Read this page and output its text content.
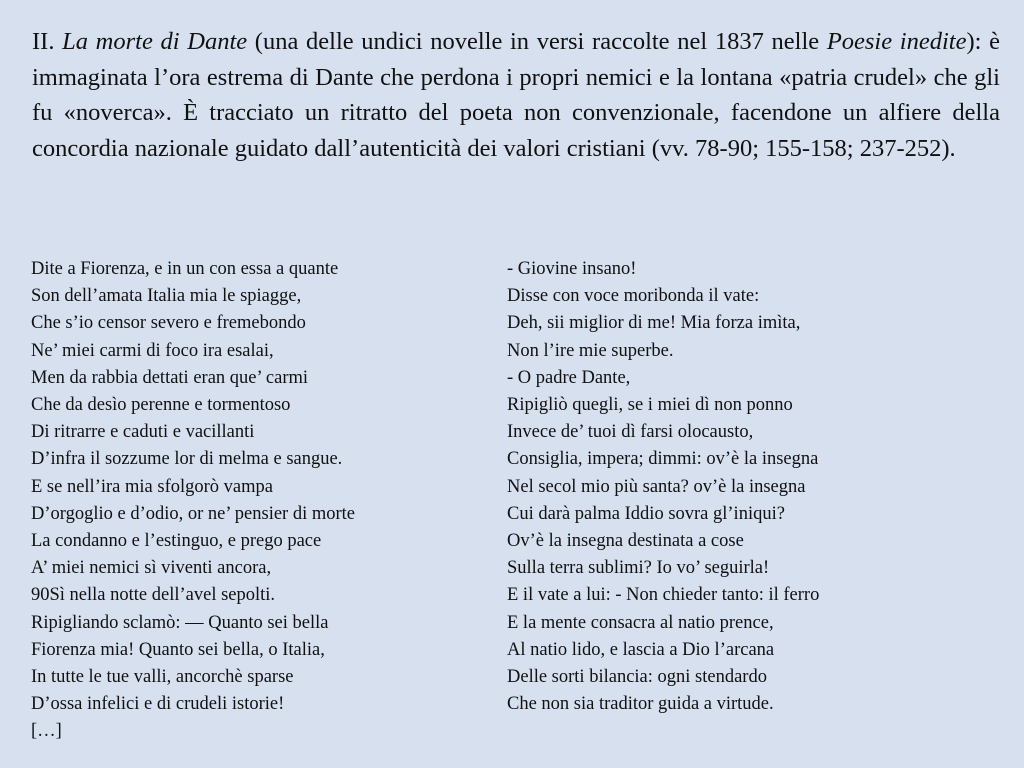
II. La morte di Dante (una delle undici novelle in versi raccolte nel 1837 nelle Poesie inedite): è immaginata l’ora estrema di Dante che perdona i propri nemici e la lontana «patria crudel» che gli fu «noverca». È tracciato un ritratto del poeta non convenzionale, facendone un alfiere della concordia nazionale guidato dall’autenticità dei valori cristiani (vv. 78-90; 155-158; 237-252).

Dite a Fiorenza, e in un con essa a quante
Son dell’amata Italia mia le spiagge,
Che s’io censor severo e fremebondo
Ne’ miei carmi di foco ira esalai,
Men da rabbia dettati eran que’ carmi
Che da desìo perenne e tormentoso
Di ritrarre e caduti e vacillanti
D’infra il sozzume lor di melma e sangue.
E se nell’ira mia sfolgorò vampa
D’orgoglio e d’odio, or ne’ pensier di morte
La condanno e l’estinguo, e prego pace
A’ miei nemici sì viventi ancora,
90Sì nella notte dell’avel sepolti.
Ripigliando sclamò: — Quanto sei bella
Fiorenza mia! Quanto sei bella, o Italia,
In tutte le tue valli, ancorchè sparse
D’ossa infelici e di crudeli istorie!
[…]
- Giovine insano!
Disse con voce moribonda il vate:
Deh, sii miglior di me! Mia forza imìta,
Non l’ire mie superbe.
- O padre Dante,
Ripigliò quegli, se i miei dì non ponno
Invece de’ tuoi dì farsi olocausto,
Consiglia, impera; dimmi: ov’è la insegna
Nel secol mio più santa? ov’è la insegna
Cui darà palma Iddio sovra gl’iniqui?
Ov’è la insegna destinata a cose
Sulla terra sublimi? Io vo’ seguirla!
E il vate a lui: - Non chieder tanto: il ferro
E la mente consacra al natio prence,
Al natio lido, e lascia a Dio l’arcana
Delle sorti bilancia: ogni stendardo
Che non sia traditor guida a virtude.
